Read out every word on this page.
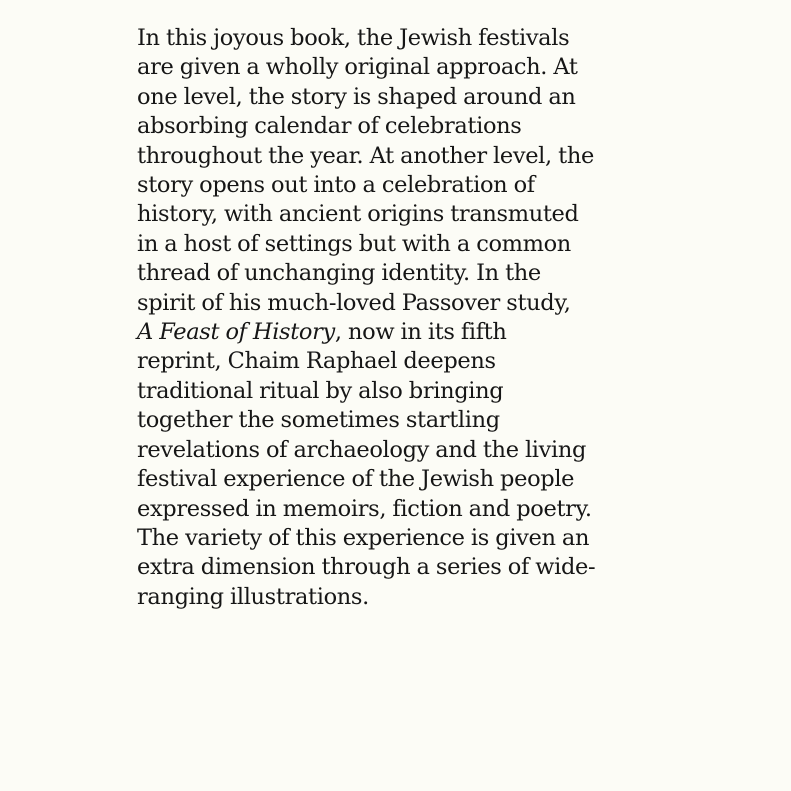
In this joyous book, the Jewish festivals
are given a wholly original approach. At
one level, the story is shaped around an
absorbing calendar of celebrations
throughout the year. At another level, the
story opens out into a celebration of
history, with ancient origins transmuted
in a host of settings but with a common
thread of unchanging identity. In the
spirit of his much-loved Passover study,
A Feast of History, now in its fifth
reprint, Chaim Raphael deepens
traditional ritual by also bringing
together the sometimes startling
revelations of archaeology and the living
festival experience of the Jewish people
expressed in memoirs, fiction and poetry.
The variety of this experience is given an
extra dimension through a series of wide-
ranging illustrations.
